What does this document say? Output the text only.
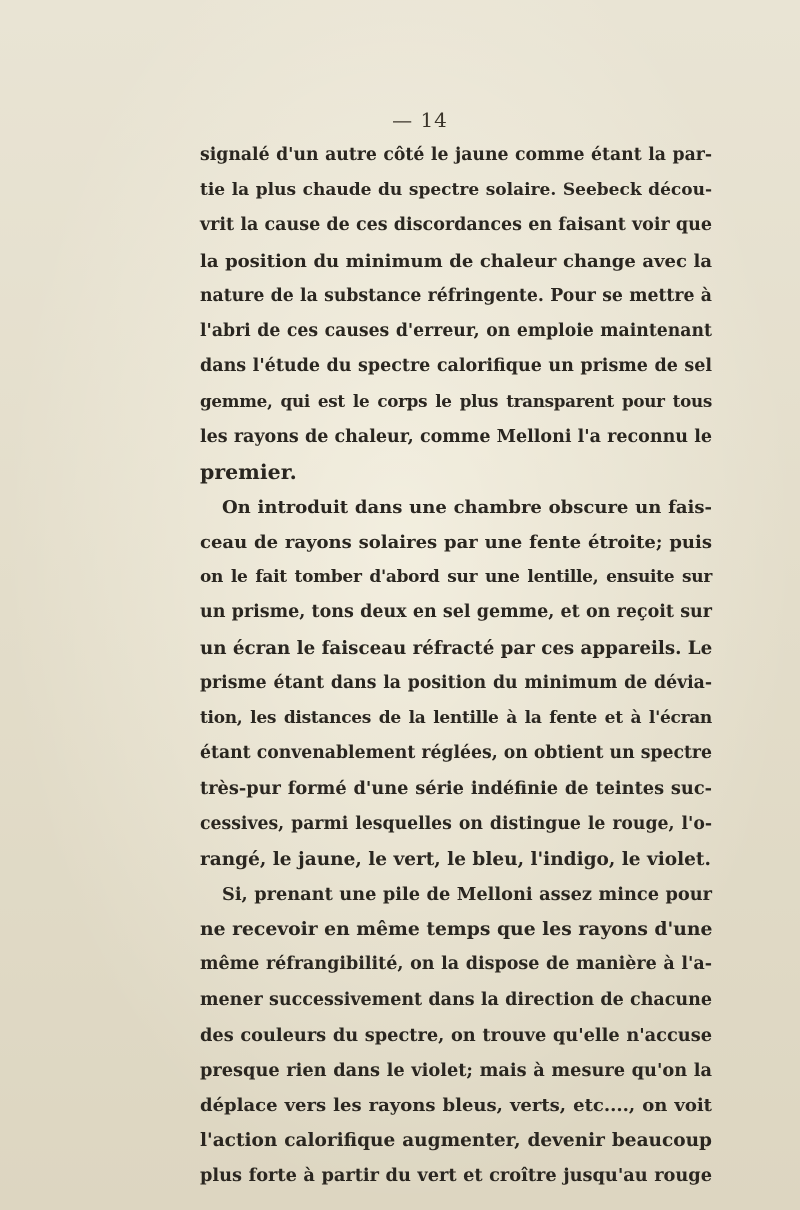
— 14
signalé d'un autre côté le jaune comme étant la par-
tie la plus chaude du spectre solaire. Seebeck décou-
vrit la cause de ces discordances en faisant voir que
la position du minimum de chaleur change avec la
nature de la substance réfringente. Pour se mettre à
l'abri de ces causes d'erreur, on emploie maintenant
dans l'étude du spectre calorifique un prisme de sel
gemme, qui est le corps le plus transparent pour tous
les rayons de chaleur, comme Melloni l'a reconnu le
premier.
On introduit dans une chambre obscure un fais-
ceau de rayons solaires par une fente étroite; puis
on le fait tomber d'abord sur une lentille, ensuite sur
un prisme, tons deux en sel gemme, et on reçoit sur
un écran le faisceau réfracté par ces appareils. Le
prisme étant dans la position du minimum de dévia-
tion, les distances de la lentille à la fente et à l'écran
étant convenablement réglées, on obtient un spectre
très-pur formé d'une série indéfinie de teintes suc-
cessives, parmi lesquelles on distingue le rouge, l'o-
rangé, le jaune, le vert, le bleu, l'indigo, le violet.
Si, prenant une pile de Melloni assez mince pour
ne recevoir en même temps que les rayons d'une
même réfrangibilité, on la dispose de manière à l'a-
mener successivement dans la direction de chacune
des couleurs du spectre, on trouve qu'elle n'accuse
presque rien dans le violet; mais à mesure qu'on la
déplace vers les rayons bleus, verts, etc...., on voit
l'action calorifique augmenter, devenir beaucoup
plus forte à partir du vert et croître jusqu'au rouge
